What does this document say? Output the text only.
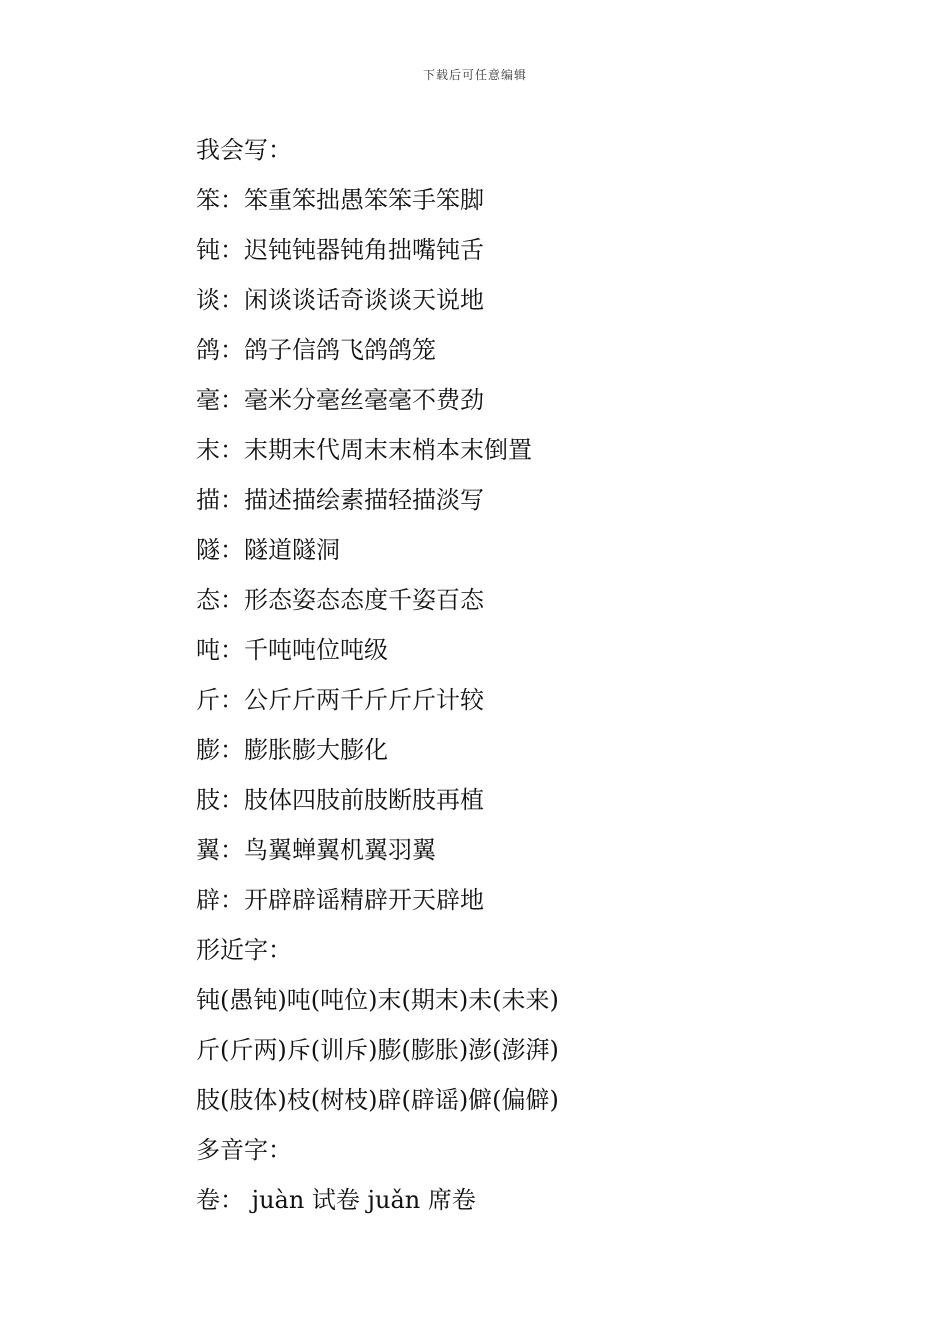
下载后可任意编辑
我会写：
笨：笨重笨拙愚笨笨手笨脚
钝：迟钝钝器钝角拙嘴钝舌
谈：闲谈谈话奇谈谈天说地
鸽：鸽子信鸽飞鸽鸽笼
毫：毫米分毫丝毫毫不费劲
末：末期末代周末末梢本末倒置
描：描述描绘素描轻描淡写
隧：隧道隧洞
态：形态姿态态度千姿百态
吨：千吨吨位吨级
斤：公斤斤两千斤斤斤计较
膨：膨胀膨大膨化
肢：肢体四肢前肢断肢再植
翼：鸟翼蝉翼机翼羽翼
辟：开辟辟谣精辟开天辟地
形近字：
钝(愚钝)吨(吨位)末(期末)未(未来)
斤(斤两)斥(训斥)膨(膨胀)澎(澎湃)
肢(肢体)枝(树枝)辟(辟谣)僻(偏僻)
多音字：
卷： juàn 试卷 juǎn 席卷
